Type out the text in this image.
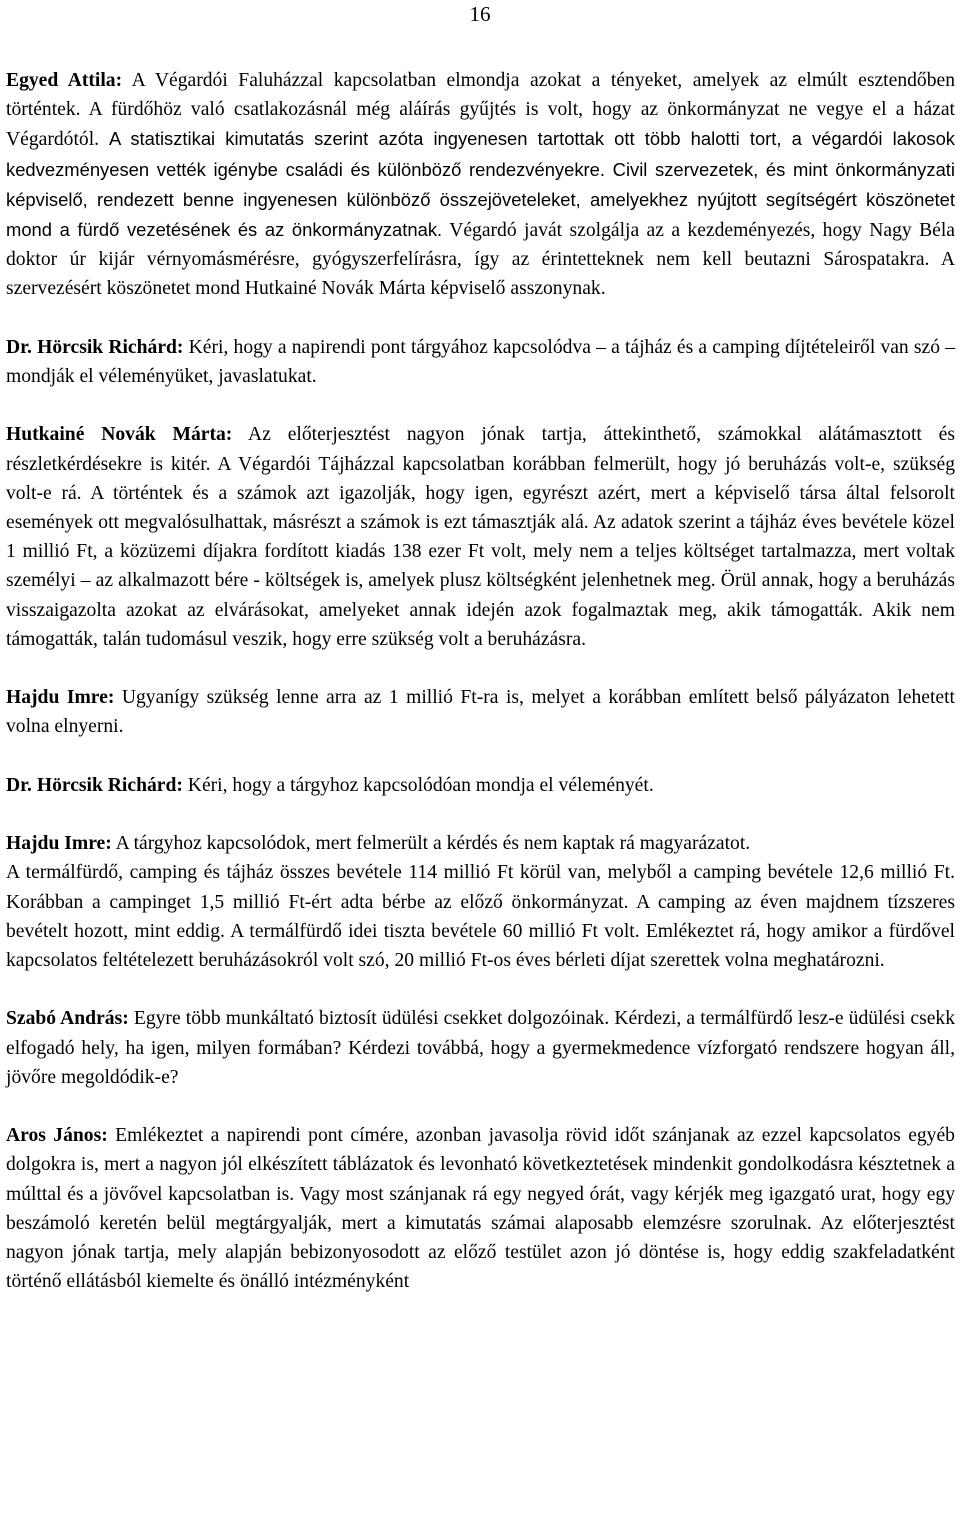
16

Egyed Attila: A Végardói Faluházzal kapcsolatban elmondja azokat a tényeket, amelyek az elmúlt esztendőben történtek. A fürdőhöz való csatlakozásnál még aláírás gyűjtés is volt, hogy az önkormányzat ne vegye el a házat Végardótól. A statisztikai kimutatás szerint azóta ingyenesen tartottak ott több halotti tort, a végardói lakosok kedvezményesen vették igénybe családi és különböző rendezvényekre. Civil szervezetek, és mint önkormányzati képviselő, rendezett benne ingyenesen különböző összejöveteleket, amelyekhez nyújtott segítségért köszönetet mond a fürdő vezetésének és az önkormányzatnak. Végardó javát szolgálja az a kezdeményezés, hogy Nagy Béla doktor úr kijár vérnyomásmérésre, gyógyszerfelírásra, így az érintetteknek nem kell beutazni Sárospatakra. A szervezésért köszönetet mond Hutkainé Novák Márta képviselő asszonynak.

Dr. Hörcsik Richárd: Kéri, hogy a napirendi pont tárgyához kapcsolódva – a tájház és a camping díjtételeiről van szó – mondják el véleményüket, javaslatukat.

Hutkainé Novák Márta: Az előterjesztést nagyon jónak tartja, áttekinthető, számokkal alátámasztott és részletkérdésekre is kitér. A Végardói Tájházzal kapcsolatban korábban felmerült, hogy jó beruházás volt-e, szükség volt-e rá. A történtek és a számok azt igazolják, hogy igen, egyrészt azért, mert a képviselő társa által felsorolt események ott megvalósulhattak, másrészt a számok is ezt támasztják alá. Az adatok szerint a tájház éves bevétele közel 1 millió Ft, a közüzemi díjakra fordított kiadás 138 ezer Ft volt, mely nem a teljes költséget tartalmazza, mert voltak személyi – az alkalmazott bére - költségek is, amelyek plusz költségként jelenhetnek meg. Örül annak, hogy a beruházás visszaigazolta azokat az elvárásokat, amelyeket annak idején azok fogalmaztak meg, akik támogatták. Akik nem támogatták, talán tudomásul veszik, hogy erre szükség volt a beruházásra.

Hajdu Imre: Ugyanígy szükség lenne arra az 1 millió Ft-ra is, melyet a korábban említett belső pályázaton lehetett volna elnyerni.

Dr. Hörcsik Richárd: Kéri, hogy a tárgyhoz kapcsolódóan mondja el véleményét.

Hajdu Imre: A tárgyhoz kapcsolódok, mert felmerült a kérdés és nem kaptak rá magyarázatot.

A termálfürdő, camping és tájház összes bevétele 114 millió Ft körül van, melyből a camping bevétele 12,6 millió Ft. Korábban a campinget 1,5 millió Ft-ért adta bérbe az előző önkormányzat. A camping az éven majdnem tízszeres bevételt hozott, mint eddig. A termálfürdő idei tiszta bevétele 60 millió Ft volt. Emlékeztet rá, hogy amikor a fürdővel kapcsolatos feltételezett beruházásokról volt szó, 20 millió Ft-os éves bérleti díjat szerettek volna meghatározni.

Szabó András: Egyre több munkáltató biztosít üdülési csekket dolgozóinak. Kérdezi, a termálfürdő lesz-e üdülési csekk elfogadó hely, ha igen, milyen formában? Kérdezi továbbá, hogy a gyermekmedence vízforgató rendszere hogyan áll, jövőre megoldódik-e?

Aros János: Emlékeztet a napirendi pont címére, azonban javasolja rövid időt szánjanak az ezzel kapcsolatos egyéb dolgokra is, mert a nagyon jól elkészített táblázatok és levonható következtetések mindenkit gondolkodásra késztetnek a múlttal és a jövővel kapcsolatban is. Vagy most szánjanak rá egy negyed órát, vagy kérjék meg igazgató urat, hogy egy beszámoló keretén belül megtárgyalják, mert a kimutatás számai alaposabb elemzésre szorulnak. Az előterjesztést nagyon jónak tartja, mely alapján bebizonyosodott az előző testület azon jó döntése is, hogy eddig szakfeladatként történő ellátásból kiemelte és önálló intézményként
